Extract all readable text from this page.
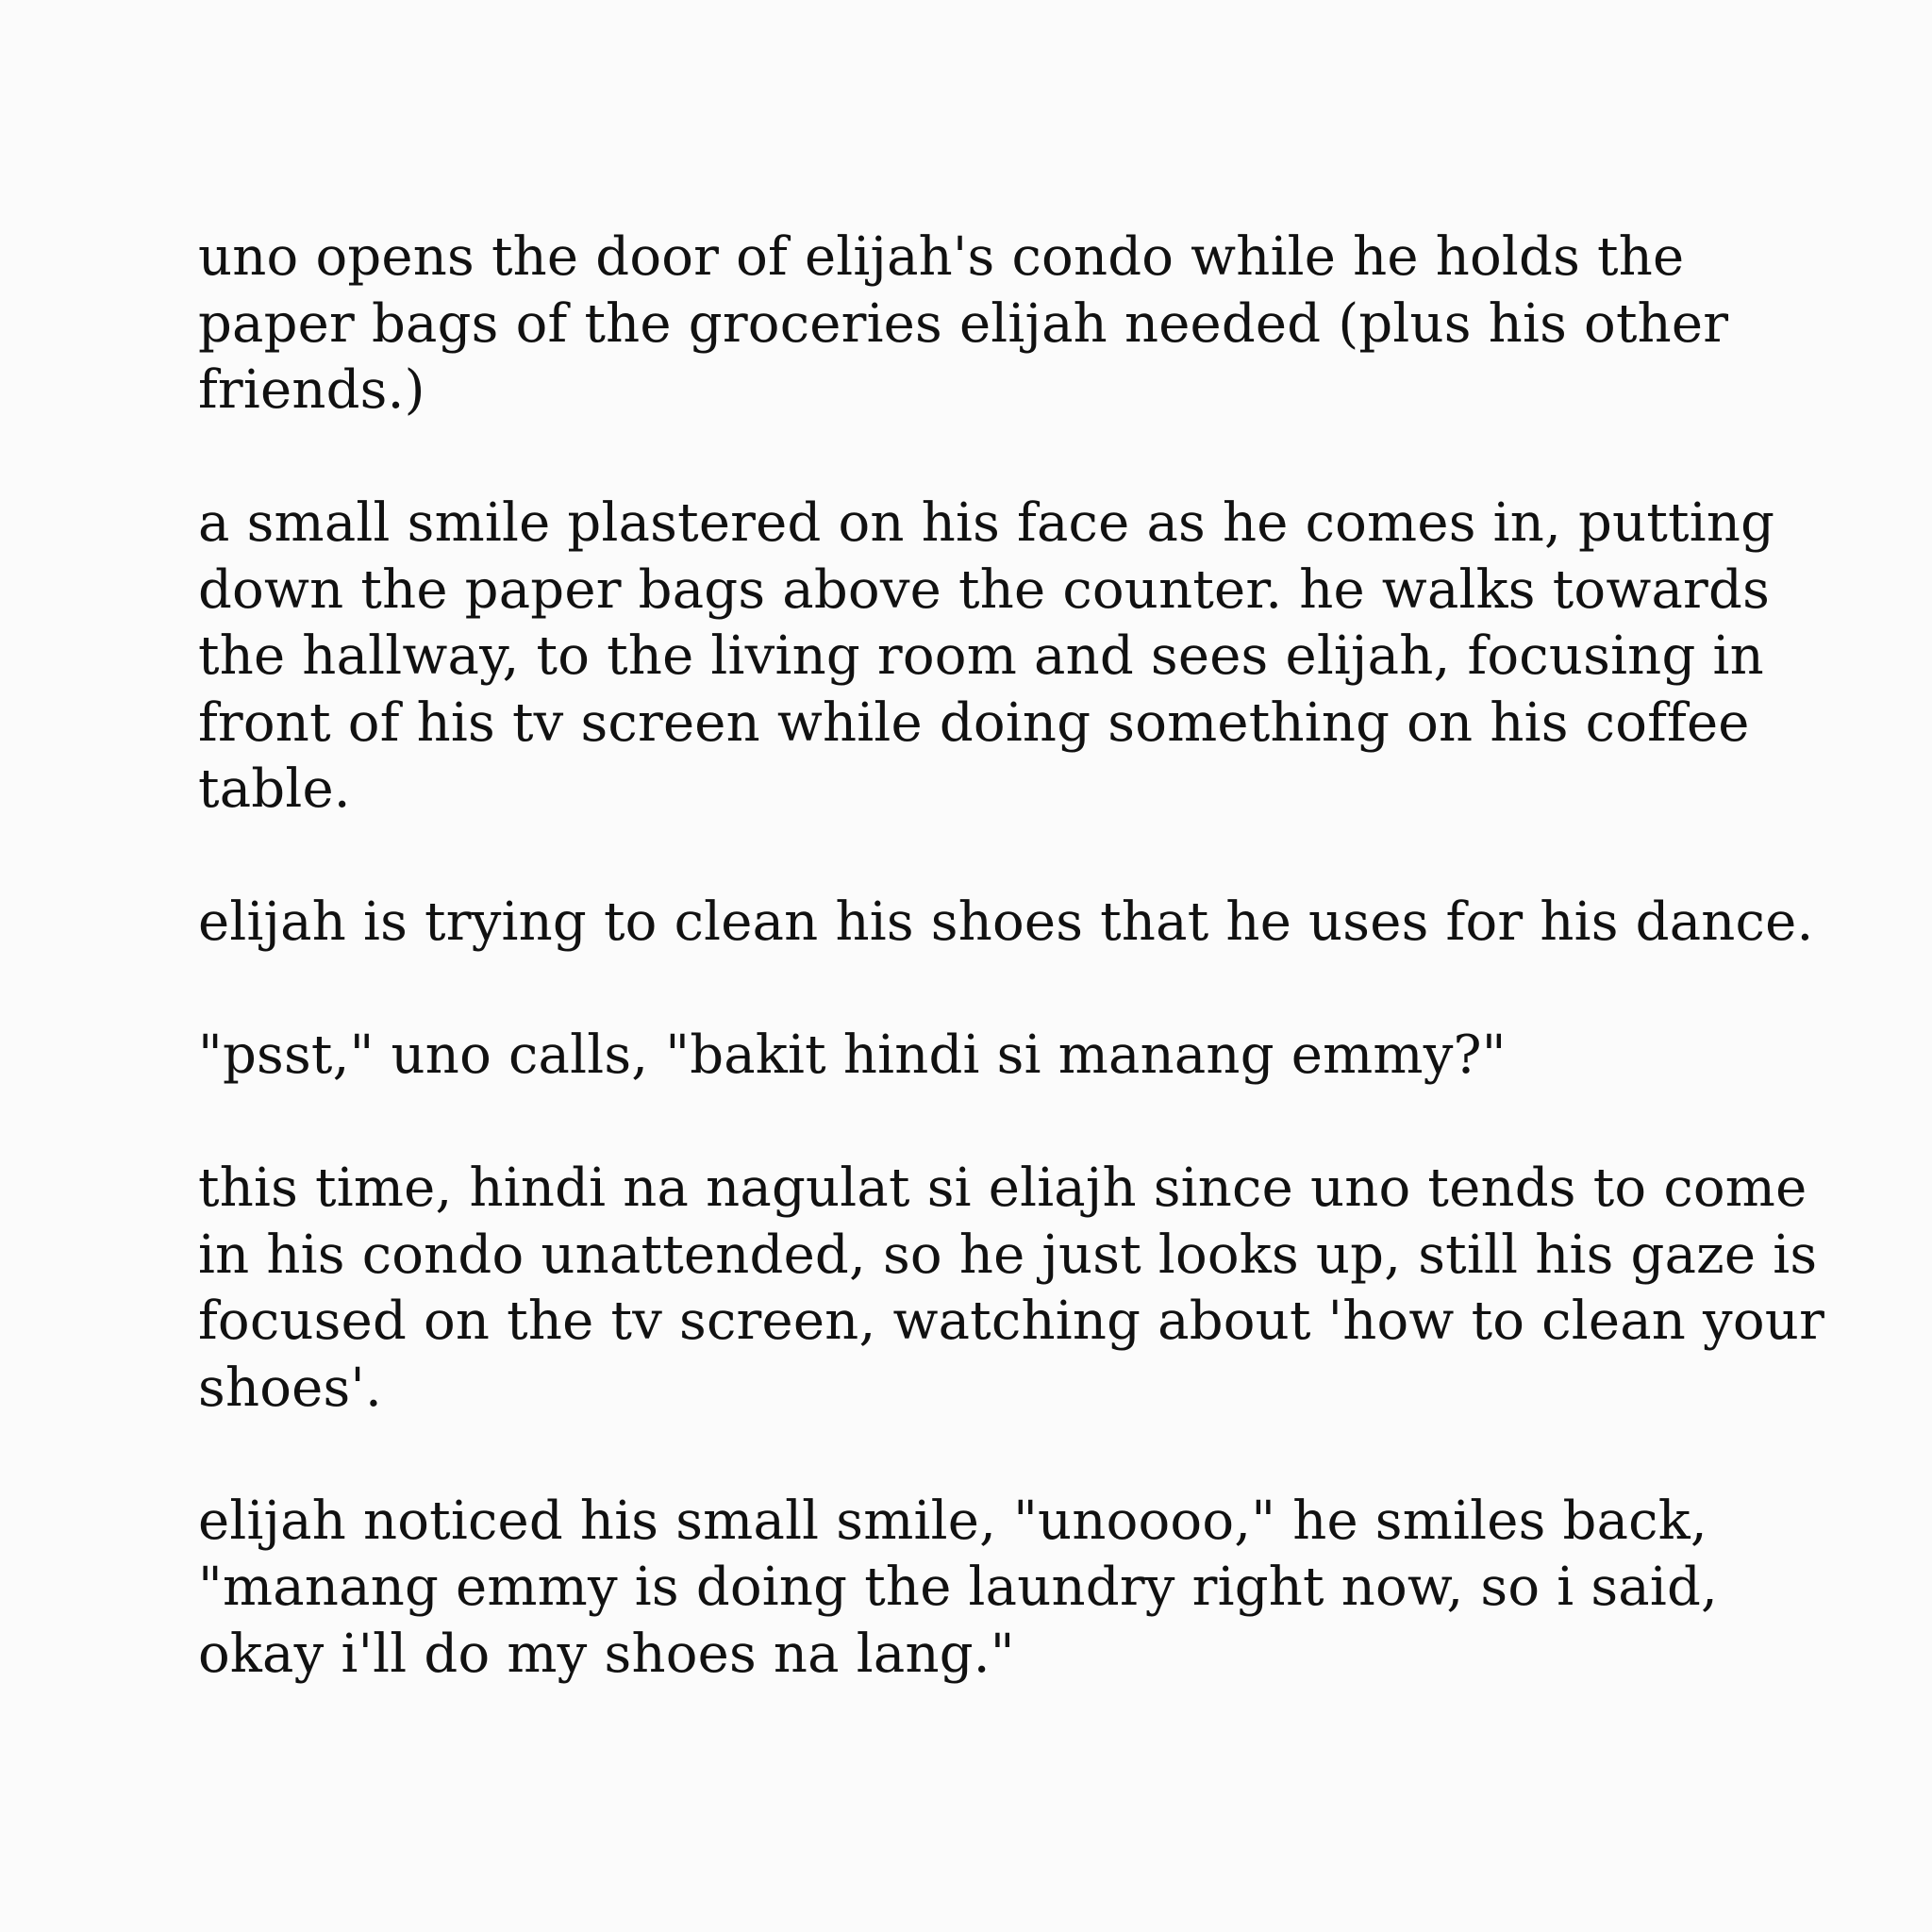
uno opens the door of elijah's condo while he holds the
paper bags of the groceries elijah needed (plus his other
friends.)

a small smile plastered on his face as he comes in, putting
down the paper bags above the counter. he walks towards
the hallway, to the living room and sees elijah, focusing in
front of his tv screen while doing something on his coffee
table.

elijah is trying to clean his shoes that he uses for his dance.

"psst," uno calls, "bakit hindi si manang emmy?"

this time, hindi na nagulat si eliajh since uno tends to come
in his condo unattended, so he just looks up, still his gaze is
focused on the tv screen, watching about 'how to clean your
shoes'.

elijah noticed his small smile, "unoooo," he smiles back,
"manang emmy is doing the laundry right now, so i said,
okay i'll do my shoes na lang."
